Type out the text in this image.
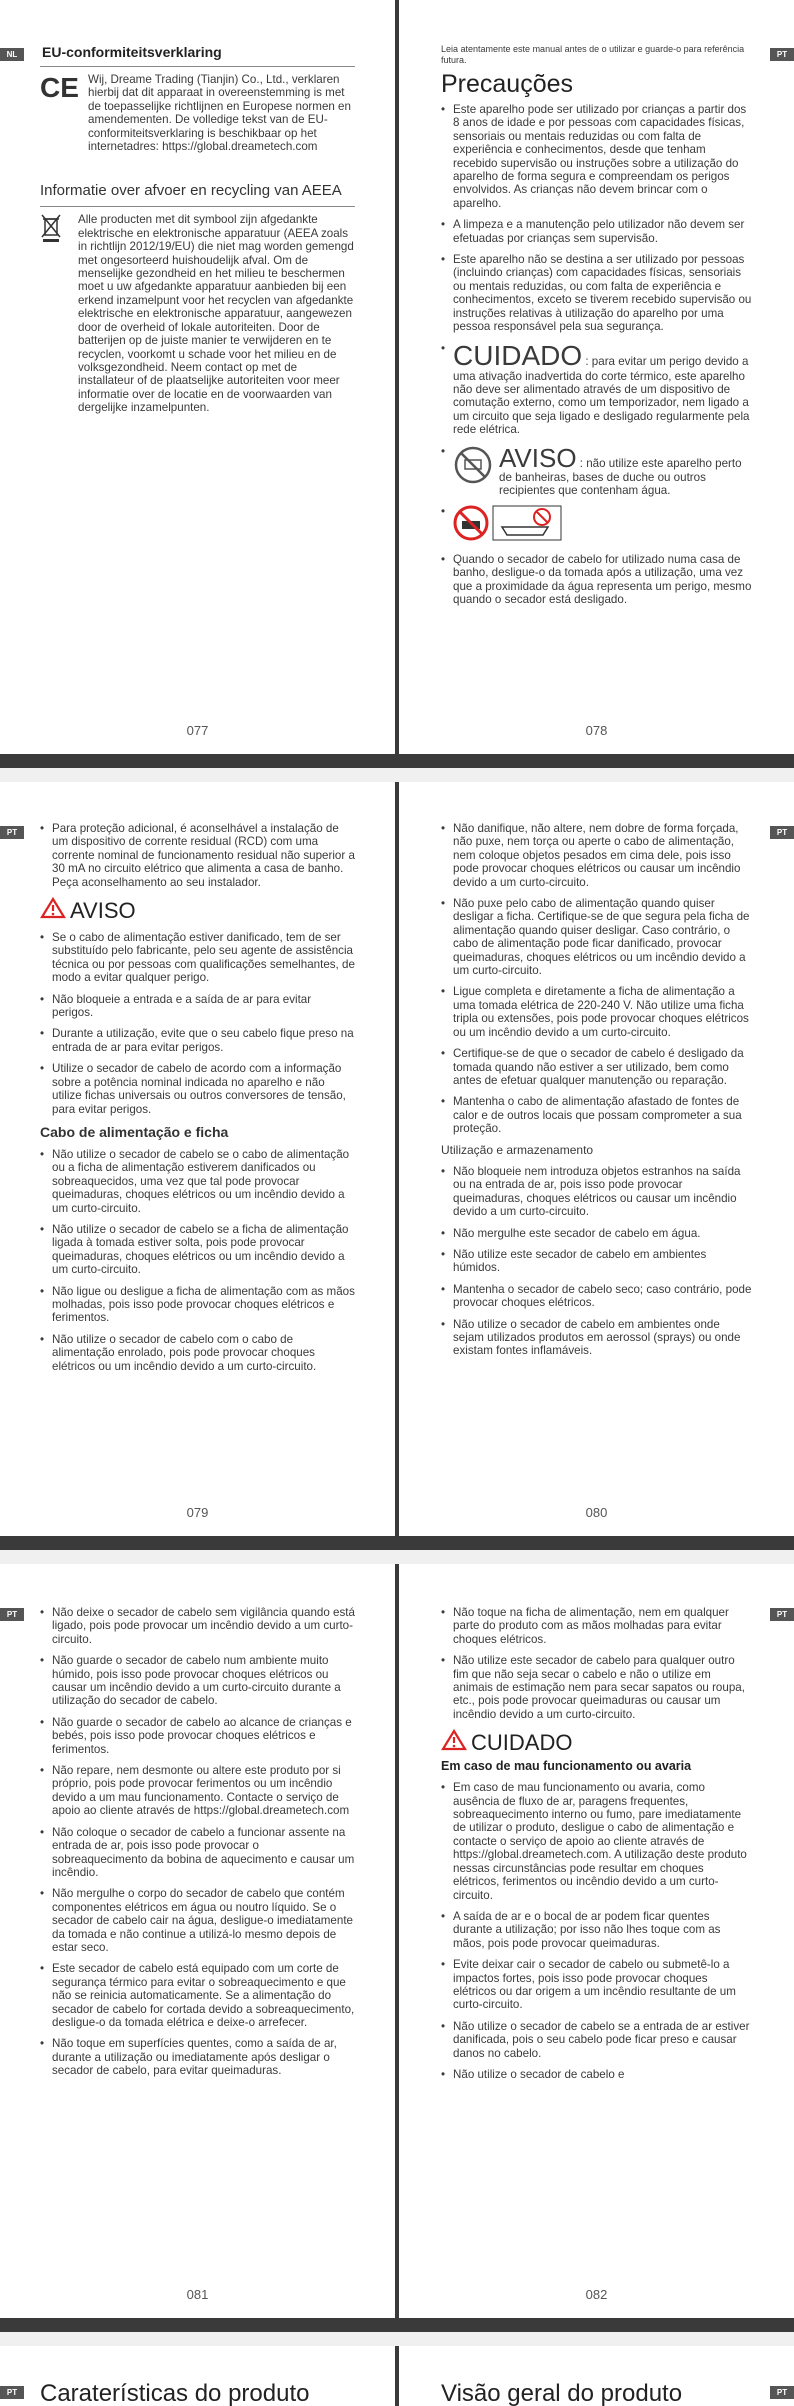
NL	EU-conformiteitsverklaring
CE Wij, Dreame Trading (Tianjin) Co., Ltd., verklaren hierbij dat dit apparaat in overeenstemming is met de toepasselijke richtlijnen en Europese normen en amendementen. De volledige tekst van de EU-conformiteitsverklaring is beschikbaar op het internetadres: https://global.dreametech.com

Informatie over afvoer en recycling van AEEA

Alle producten met dit symbool zijn afgedankte elektrische en elektronische apparatuur (AEEA zoals in richtlijn 2012/19/EU) die niet mag worden gemengd met ongesorteerd huishoudelijk afval. Om de menselijke gezondheid en het milieu te beschermen moet u uw afgedankte apparatuur aanbieden bij een erkend inzamelpunt voor het recyclen van afgedankte elektrische en elektronische apparatuur, aangewezen door de overheid of lokale autoriteiten. Door de batterijen op de juiste manier te verwijderen en te recyclen, voorkomt u schade voor het milieu en de volksgezondheid. Neem contact op met de installateur of de plaatselijke autoriteiten voor meer informatie over de locatie en de voorwaarden van dergelijke inzamelpunten.

077
PT

Leia atentamente este manual antes de o utilizar e guarde-o para referência futura.

Precauções
• Este aparelho pode ser utilizado por crianças a partir dos 8 anos de idade e por pessoas com capacidades físicas, sensoriais ou mentais reduzidas ou com falta de experiência e conhecimentos, desde que tenham recebido supervisão ou instruções sobre a utilização do aparelho de forma segura e compreendam os perigos envolvidos. As crianças não devem brincar com o aparelho.
• A limpeza e a manutenção pelo utilizador não devem ser efetuadas por crianças sem supervisão.
• Este aparelho não se destina a ser utilizado por pessoas (incluindo crianças) com capacidades físicas, sensoriais ou mentais reduzidas, ou com falta de experiência e conhecimentos, exceto se tiverem recebido supervisão ou instruções relativas à utilização do aparelho por uma pessoa responsável pela sua segurança.
• CUIDADO : para evitar um perigo devido a uma ativação inadvertida do corte térmico, este aparelho não deve ser alimentado através de um dispositivo de comutação externo, como um temporizador, nem ligado a um circuito que seja ligado e desligado regularmente pela rede elétrica.
• AVISO : não utilize este aparelho perto de banheiras, bases de duche ou outros recipientes que contenham água.
•
• Quando o secador de cabelo for utilizado numa casa de banho, desligue-o da tomada após a utilização, uma vez que a proximidade da água representa um perigo, mesmo quando o secador está desligado.
078
PT	• Para proteção adicional, é aconselhável a instalação de um dispositivo de corrente residual (RCD) com uma corrente nominal de funcionamento residual não superior a 30 mA no circuito elétrico que alimenta a casa de banho. Peça aconselhamento ao seu instalador.
AVISO
• Se o cabo de alimentação estiver danificado, tem de ser substituído pelo fabricante, pelo seu agente de assistência técnica ou por pessoas com qualificações semelhantes, de modo a evitar qualquer perigo.
• Não bloqueie a entrada e a saída de ar para evitar perigos.
• Durante a utilização, evite que o seu cabelo fique preso na entrada de ar para evitar perigos.
• Utilize o secador de cabelo de acordo com a informação sobre a potência nominal indicada no aparelho e não utilize fichas universais ou outros conversores de tensão, para evitar perigos.
Cabo de alimentação e ficha
• Não utilize o secador de cabelo se o cabo de alimentação ou a ficha de alimentação estiverem danificados ou sobreaquecidos, uma vez que tal pode provocar queimaduras, choques elétricos ou um incêndio devido a um curto-circuito.
• Não utilize o secador de cabelo se a ficha de alimentação ligada à tomada estiver solta, pois pode provocar queimaduras, choques elétricos ou um incêndio devido a um curto-circuito.
• Não ligue ou desligue a ficha de alimentação com as mãos molhadas, pois isso pode provocar choques elétricos e ferimentos.
• Não utilize o secador de cabelo com o cabo de alimentação enrolado, pois pode provocar choques elétricos ou um incêndio devido a um curto-circuito.
079
PT
• Não danifique, não altere, nem dobre de forma forçada, não puxe, nem torça ou aperte o cabo de alimentação, nem coloque objetos pesados em cima dele, pois isso pode provocar choques elétricos ou causar um incêndio devido a um curto-circuito.
• Não puxe pelo cabo de alimentação quando quiser desligar a ficha. Certifique-se de que segura pela ficha de alimentação quando quiser desligar. Caso contrário, o cabo de alimentação pode ficar danificado, provocar queimaduras, choques elétricos ou um incêndio devido a um curto-circuito.
• Ligue completa e diretamente a ficha de alimentação a uma tomada elétrica de 220-240 V. Não utilize uma ficha tripla ou extensões, pois pode provocar choques elétricos ou um incêndio devido a um curto-circuito.
• Certifique-se de que o secador de cabelo é desligado da tomada quando não estiver a ser utilizado, bem como antes de efetuar qualquer manutenção ou reparação.
• Mantenha o cabo de alimentação afastado de fontes de calor e de outros locais que possam comprometer a sua proteção.

Utilização e armazenamento

• Não bloqueie nem introduza objetos estranhos na saída ou na entrada de ar, pois isso pode provocar queimaduras, choques elétricos ou causar um incêndio devido a um curto-circuito.
• Não mergulhe este secador de cabelo em água.
• Não utilize este secador de cabelo em ambientes húmidos.
• Mantenha o secador de cabelo seco; caso contrário, pode provocar choques elétricos.
• Não utilize o secador de cabelo em ambientes onde sejam utilizados produtos em aerossol (sprays) ou onde existam fontes inflamáveis.
080
PT	• Não deixe o secador de cabelo sem vigilância quando está ligado, pois pode provocar um incêndio devido a um curto-circuito.
• Não guarde o secador de cabelo num ambiente muito húmido, pois isso pode provocar choques elétricos ou causar um incêndio devido a um curto-circuito durante a utilização do secador de cabelo.
• Não guarde o secador de cabelo ao alcance de crianças e bebés, pois isso pode provocar choques elétricos e ferimentos.
• Não repare, nem desmonte ou altere este produto por si próprio, pois pode provocar ferimentos ou um incêndio devido a um mau funcionamento. Contacte o serviço de apoio ao cliente através de https://global.dreametech.com
• Não coloque o secador de cabelo a funcionar assente na entrada de ar, pois isso pode provocar o sobreaquecimento da bobina de aquecimento e causar um incêndio.
• Não mergulhe o corpo do secador de cabelo que contém componentes elétricos em água ou noutro líquido. Se o secador de cabelo cair na água, desligue-o imediatamente da tomada e não continue a utilizá-lo mesmo depois de estar seco.
• Este secador de cabelo está equipado com um corte de segurança térmico para evitar o sobreaquecimento e que não se reinicia automaticamente. Se a alimentação do secador de cabelo for cortada devido a sobreaquecimento, desligue-o da tomada elétrica e deixe-o arrefecer.
• Não toque em superfícies quentes, como a saída de ar, durante a utilização ou imediatamente após desligar o secador de cabelo, para evitar queimaduras.
081
PT
• Não toque na ficha de alimentação, nem em qualquer parte do produto com as mãos molhadas para evitar choques elétricos.
• Não utilize este secador de cabelo para qualquer outro fim que não seja secar o cabelo e não o utilize em animais de estimação nem para secar sapatos ou roupa, etc., pois pode provocar queimaduras ou causar um incêndio devido a um curto-circuito.
CUIDADO
Em caso de mau funcionamento ou avaria
• Em caso de mau funcionamento ou avaria, como ausência de fluxo de ar, paragens frequentes, sobreaquecimento interno ou fumo, pare imediatamente de utilizar o produto, desligue o cabo de alimentação e contacte o serviço de apoio ao cliente através de https://global.dreametech.com. A utilização deste produto nessas circunstâncias pode resultar em choques elétricos, ferimentos ou incêndio devido a um curto-circuito.
• A saída de ar e o bocal de ar podem ficar quentes durante a utilização; por isso não lhes toque com as mãos, pois pode provocar queimaduras.
• Evite deixar cair o secador de cabelo ou submetê-lo a impactos fortes, pois isso pode provocar choques elétricos ou dar origem a um incêndio resultante de um curto-circuito.
• Não utilize o secador de cabelo se a entrada de ar estiver danificada, pois o seu cabelo pode ficar preso e causar danos no cabelo.
• Não utilize o secador de cabelo e
082
PT Caraterísticas do produto	PT
Visão geral do produto
